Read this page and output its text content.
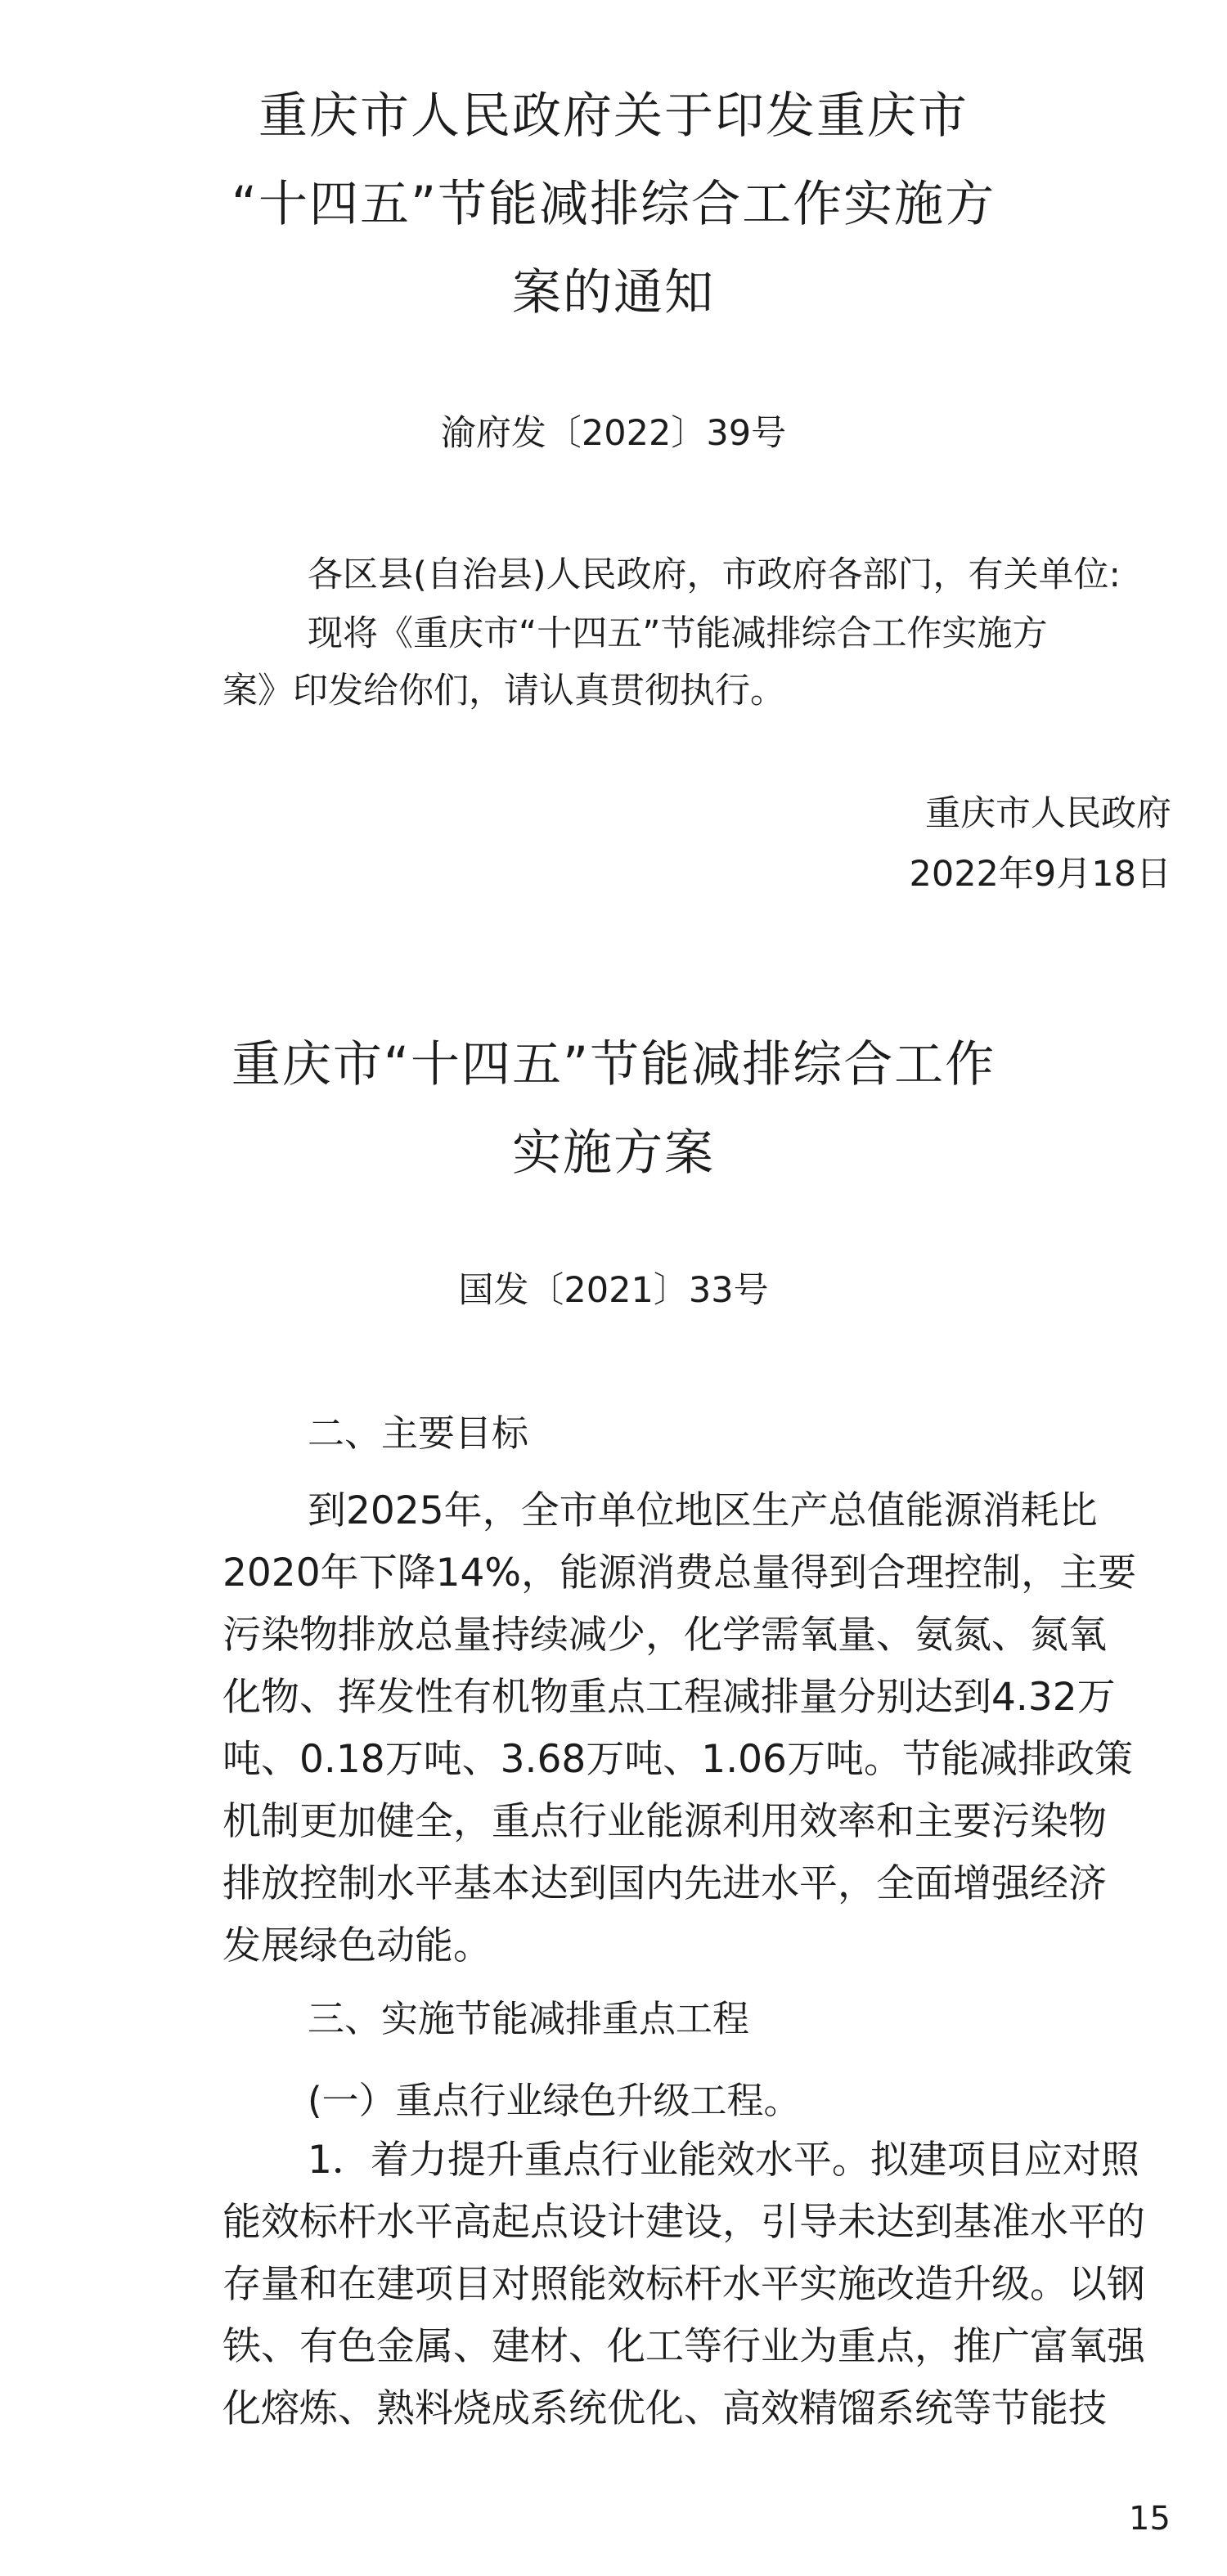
重庆市人民政府关于印发重庆市
“十四五”节能减排综合工作实施方
案的通知
渝府发〔2022〕39号
各区县(自治县)人民政府，市政府各部门，有关单位:
现将《重庆市“十四五”节能减排综合工作实施方
案》印发给你们，请认真贯彻执行。
重庆市人民政府
2022年9月18日
重庆市“十四五”节能减排综合工作
实施方案
国发〔2021〕33号
二、主要目标
到2025年，全市单位地区生产总值能源消耗比
2020年下降14%，能源消费总量得到合理控制，主要
污染物排放总量持续减少，化学需氧量、氨氮、氮氧
化物、挥发性有机物重点工程减排量分别达到4.32万
吨、0.18万吨、3.68万吨、1.06万吨。节能减排政策
机制更加健全，重点行业能源利用效率和主要污染物
排放控制水平基本达到国内先进水平，全面增强经济
发展绿色动能。
三、实施节能减排重点工程
(一）重点行业绿色升级工程。
1．着力提升重点行业能效水平。拟建项目应对照
能效标杆水平高起点设计建设，引导未达到基准水平的
存量和在建项目对照能效标杆水平实施改造升级。以钢
铁、有色金属、建材、化工等行业为重点，推广富氧强
化熔炼、熟料烧成系统优化、高效精馏系统等节能技
15
